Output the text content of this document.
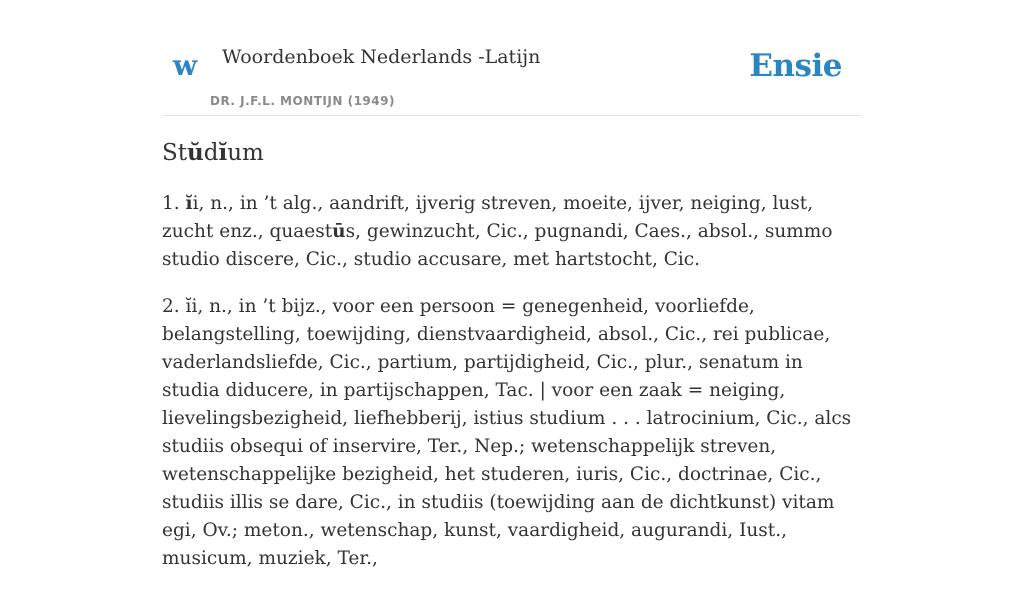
w Woordenboek Nederlands -Latijn
DR. J.F.L. MONTIJN (1949)
Ensie
Stŭdĭum

1. ĭi, n., in ’t alg., aandrift, ijverig streven, moeite, ijver, neiging, lust, zucht enz., quaestūs, gewinzucht, Cic., pugnandi, Caes., absol., summo studio discere, Cic., studio accusare, met hartstocht, Cic.

2. ĭi, n., in ’t bijz., voor een persoon = genegenheid, voorliefde, belangstelling, toewijding, dienstvaardigheid, absol., Cic., rei publicae, vaderlandsliefde, Cic., partium, partijdigheid, Cic., plur., senatum in studia diducere, in partijschappen, Tac. | voor een zaak = neiging, lievelingsbezigheid, liefhebberij, istius studium . . . latrocinium, Cic., alcs studiis obsequi of inservire, Ter., Nep.; wetenschappelijk streven, wetenschappelijke bezigheid, het studeren, iuris, Cic., doctrinae, Cic., studiis illis se dare, Cic., in studiis (toewijding aan de dichtkunst) vitam egi, Ov.; meton., wetenschap, kunst, vaardigheid, augurandi, Iust., musicum, muziek, Ter.,
